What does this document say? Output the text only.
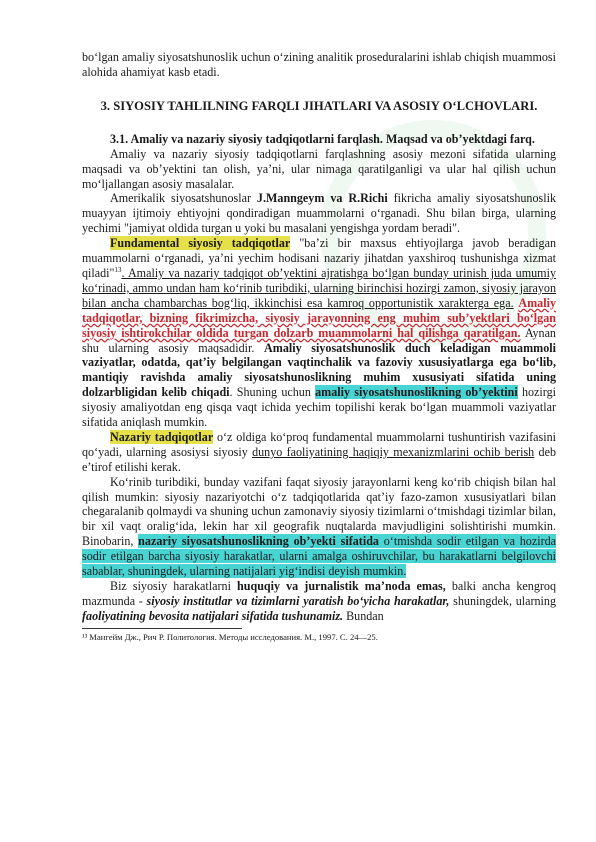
bo‘lgan amaliy siyosatshunoslik uchun o‘zining analitik proseduralarini ishlab chiqish muammosi alohida ahamiyat kasb etadi.

3. SIYOSIY TAHLILNING FARQLI JIHATLARI VA ASOSIY O‘LCHOVLARI.

3.1. Amaliy va nazariy siyosiy tadqiqotlarni farqlash. Maqsad va ob’yektdagi farq.

Amaliy va nazariy siyosiy tadqiqotlarni farqlashning asosiy mezoni sifatida ularning maqsadi va ob’yektini tan olish, ya’ni, ular nimaga qaratilganligi va ular hal qilish uchun mo‘ljallangan asosiy masalalar.

Amerikalik siyosatshunoslar J.Manngeym va R.Richi fikricha amaliy siyosatshunoslik muayyan ijtimoiy ehtiyojni qondiradigan muammolarni o‘rganadi. Shu bilan birga, ularning yechimi "jamiyat oldida turgan u yoki bu masalani yengishga yordam beradi".

Fundamental siyosiy tadqiqotlar "ba’zi bir maxsus ehtiyojlarga javob beradigan muammolarni o‘rganadi, ya’ni yechim hodisani nazariy jihatdan yaxshiroq tushunishga xizmat qiladi"$^{13}$. Amaliy va nazariy tadqiqot ob’yektini ajratishga bo‘lgan bunday urinish juda umumiy ko‘rinadi, ammo undan ham ko‘rinib turibdiki, ularning birinchisi hozirgi zamon, siyosiy jarayon bilan ancha chambarchas bog‘liq, ikkinchisi esa kamroq opportunistik xarakterga ega. Amaliy tadqiqotlar, bizning fikrimizcha, siyosiy jarayonning eng muhim sub’yektlari bo‘lgan siyosiy ishtirokchilar oldida turgan dolzarb muammolarni hal qilishga qaratilgan. Aynan shu ularning asosiy maqsadidir. Amaliy siyosatshunoslik duch keladigan muammoli vaziyatlar, odatda, qat’iy belgilangan vaqtinchalik va fazoviy xususiyatlarga ega bo‘lib, mantiqiy ravishda amaliy siyosatshunoslikning muhim xususiyati sifatida uning dolzarbligidan kelib chiqadi. Shuning uchun amaliy siyosatshunoslikning ob’yektini hozirgi siyosiy amaliyotdan eng qisqa vaqt ichida yechim topilishi kerak bo‘lgan muammoli vaziyatlar sifatida aniqlash mumkin.

Nazariy tadqiqotlar o‘z oldiga ko‘proq fundamental muammolarni tushuntirish vazifasini qo‘yadi, ularning asosiysi siyosiy dunyo faoliyatining haqiqiy mexanizmlarini ochib berish deb e’tirof etilishi kerak.

Ko‘rinib turibdiki, bunday vazifani faqat siyosiy jarayonlarni keng ko‘rib chiqish bilan hal qilish mumkin: siyosiy nazariyotchi o‘z tadqiqotlarida qat’iy fazo-zamon xususiyatlari bilan chegaralanib qolmaydi va shuning uchun zamonaviy siyosiy tizimlarni o‘tmishdagi tizimlar bilan, bir xil vaqt oralig‘ida, lekin har xil geografik nuqtalarda mavjudligini solishtirishi mumkin. Binobarin, nazariy siyosatshunoslikning ob’yekti sifatida o‘tmishda sodir etilgan va hozirda sodir etilgan barcha siyosiy harakatlar, ularni amalga oshiruvchilar, bu harakatlarni belgilovchi sabablar, shuningdek, ularning natijalari yig‘indisi deyish mumkin.

Biz siyosiy harakatlarni huquqiy va jurnalistik ma’noda emas, balki ancha kengroq mazmunda - siyosiy institutlar va tizimlarni yaratish bo‘yicha harakatlar, shuningdek, ularning faoliyatining bevosita natijalari sifatida tushunamiz. Bundan

¹³ Мангейм Дж., Рич Р. Политология. Методы исследования. М., 1997. С. 24—25.
